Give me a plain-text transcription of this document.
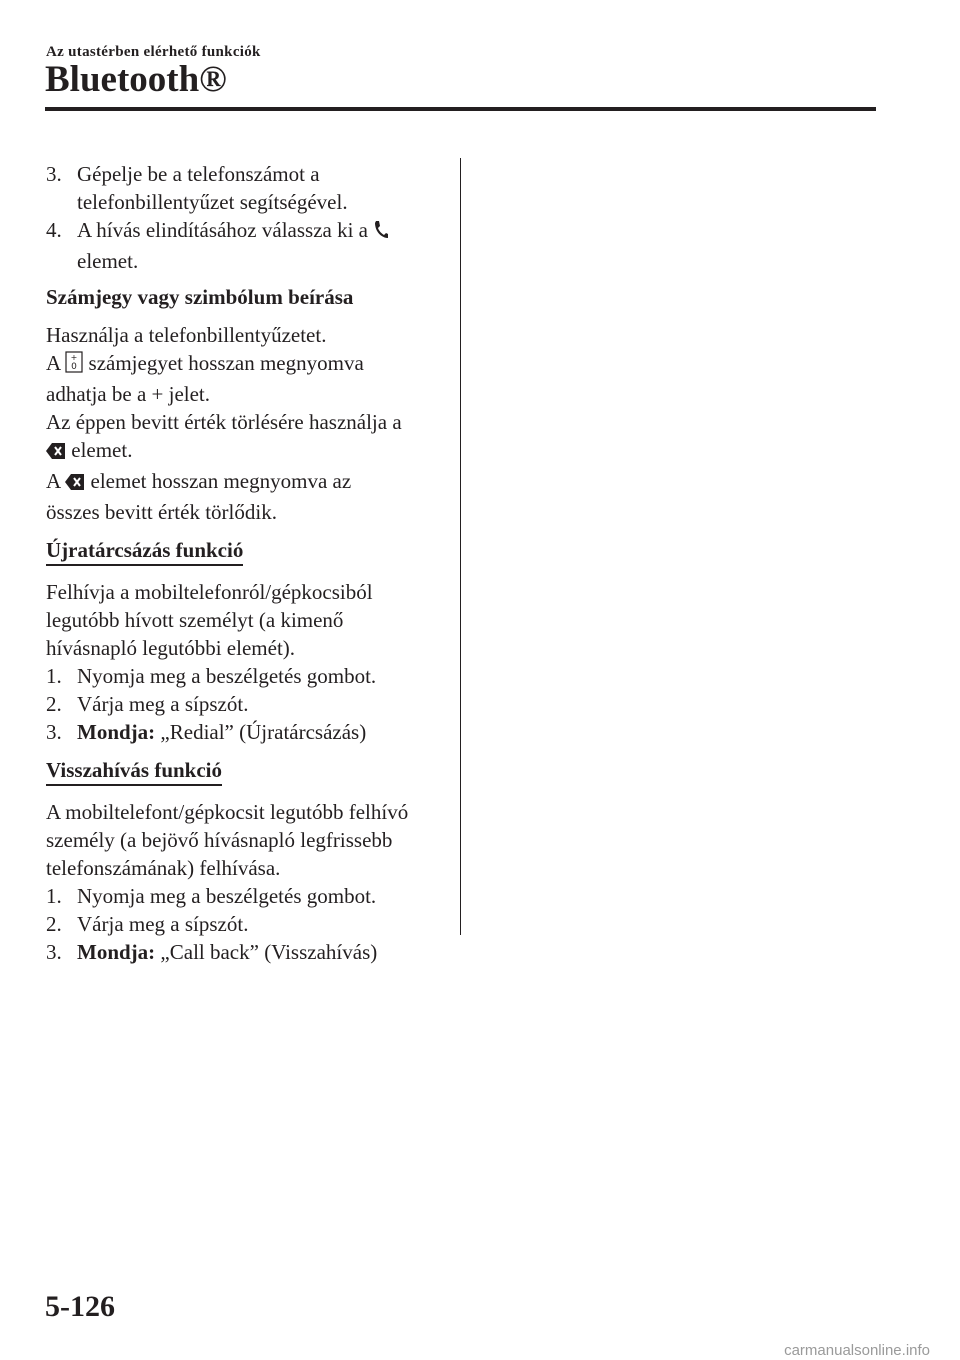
Az utastérben elérhető funkciók
Bluetooth®
3. Gépelje be a telefonszámot a
telefonbillentyűzet segítségével.
4. A hívás elindításához válassza ki a
elemet.
Számjegy vagy szimbólum beírása

Használja a telefonbillentyűzetet.

A +
0 számjegyet hosszan megnyomva

adhatja be a + jelet.

Az éppen bevitt érték törlésére használja a

elemet.

A elemet hosszan megnyomva az

összes bevitt érték törlődik.

Újratárcsázás funkció

Felhívja a mobiltelefonról/gépkocsiból

legutóbb hívott személyt (a kimenő

hívásnapló legutóbbi elemét).

1. Nyomja meg a beszélgetés gombot.
2. Várja meg a sípszót.
3. Mondja: „Redial” (Újratárcsázás)
Visszahívás funkció

A mobiltelefont/gépkocsit legutóbb felhívó

személy (a bejövő hívásnapló legfrissebb

telefonszámának) felhívása.

1. Nyomja meg a beszélgetés gombot.
2. Várja meg a sípszót.
3. Mondja: „Call back” (Visszahívás)
5-126
carmanualsonline.info
